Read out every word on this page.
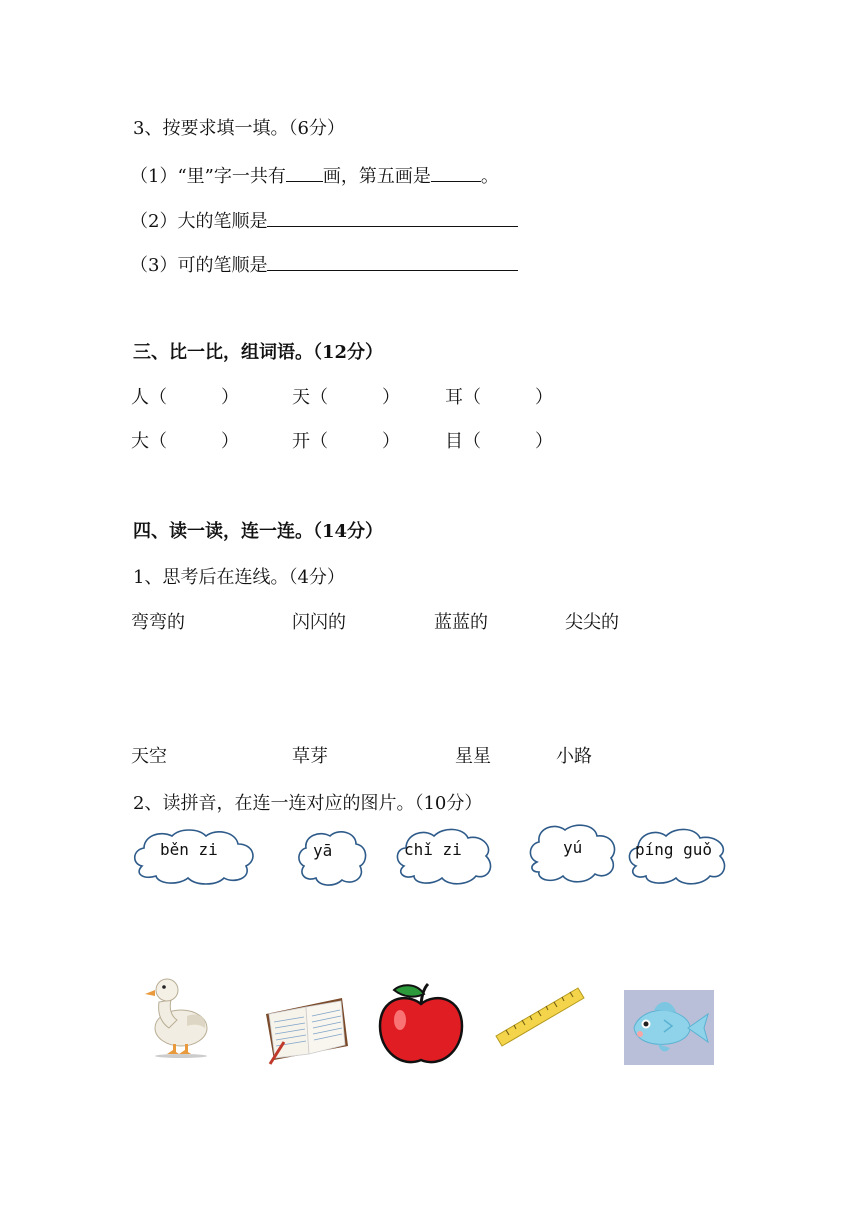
3、按要求填一填。（6分）
（1）“里”字一共有 画，第五画是	。
（2）大的笔顺是
（3）可的笔顺是
三、比一比，组词语。（12分）
人（　　　）	天（　　　）	耳（　　　）
大（　　　）	开（　　　）	目（　　　）
四、读一读，连一连。（14分）
1、思考后在连线。（4分）
弯弯的	闪闪的	蓝蓝的	尖尖的
天空	草芽	星星	小路
2、读拼音，在连一连对应的图片。（10分）
běn zi	yā	chǐ zi	yú	píng guǒ
